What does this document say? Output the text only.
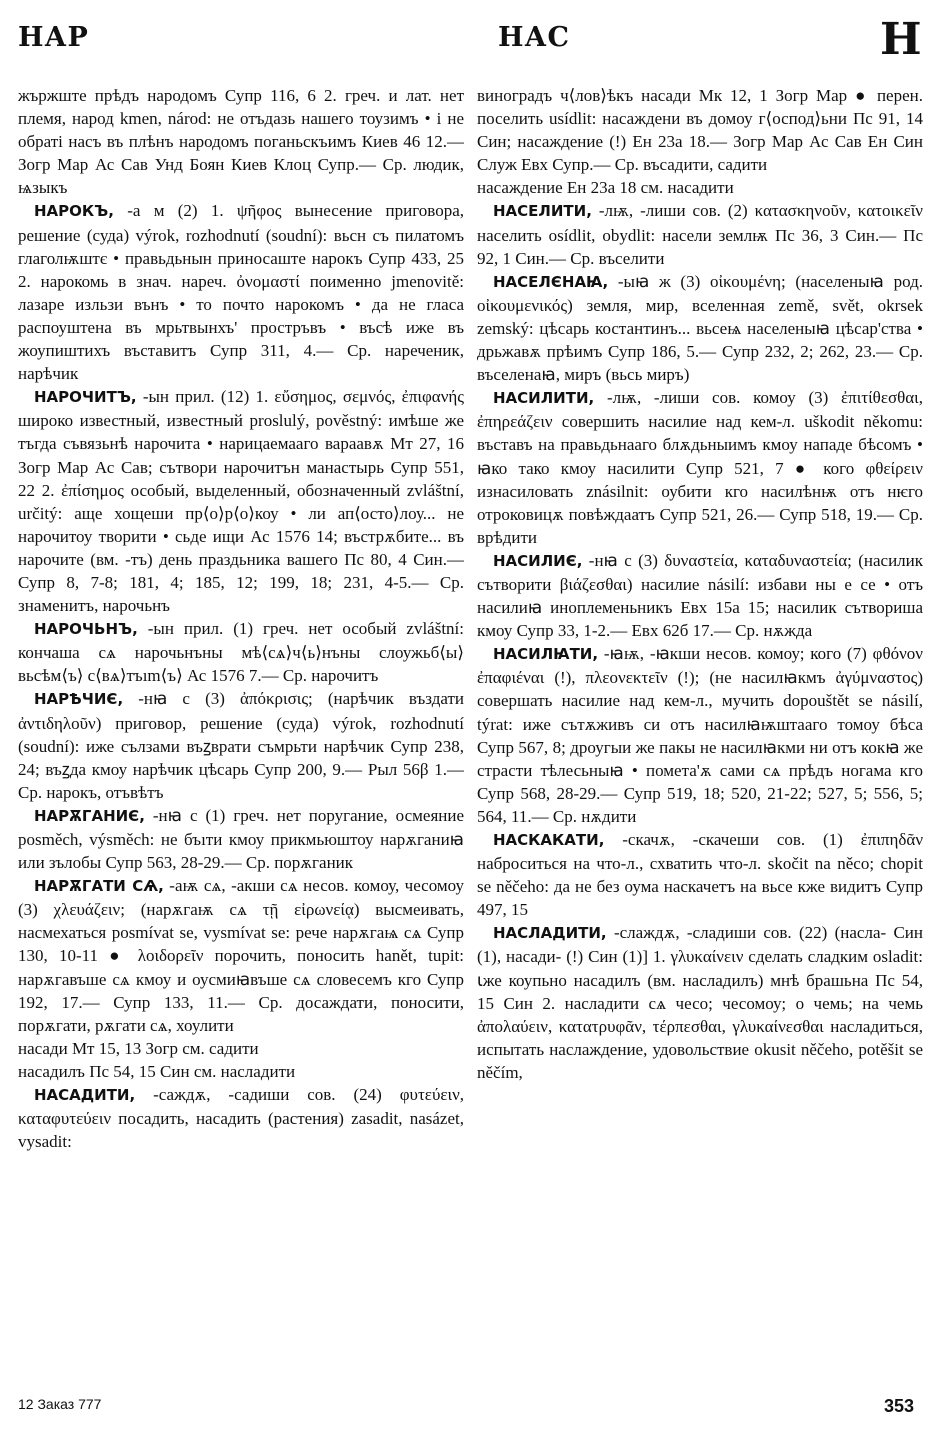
НАР	НАС	Н

жържште прѣдъ народомъ Супр 116, 6 2. греч. и лат. нет племя, народ kmen, národ: не отъдазь нашего тоузимъ • і не обраті насъ въ плѣнъ народомъ поганьскъимъ Киев 46 12.— Зогр Мар Ас Сав Унд Боян Киев Клоц Супр.— Ср. людик, ѩзыкъ

НАРОКЪ, -а м (2) 1. ψῆφος вынесение приговора, решение (суда) výrok, rozhodnutí (soudní): вьсн съ пилатомъ глаголѭштє • правьдьнын приносаште нарокъ Супр 433, 25 2. нарокомь в знач. нареч. ὀνομαστί поименно jmenovitě: лазаре изльзи вънъ • то почто нарокомъ • да не гласа распоуштена въ мрьтвынхъ' простръвъ • въсѣ иже въ жоупиштихъ въставитъ Супр 311, 4.— Ср. нареченик, нарѣчик

НАРОЧИТЪ, -ын прил. (12) 1. εὔσημος, σεμνός, ἐπιφανής широко известный, известный proslulý, pověstný: имѣше же тъгда съвязьнѣ нарочита • нарицаемааго вараавѫ Мт 27, 16 Зогр Мар Ас Сав; сътвори нарочитън манастырь Супр 551, 22 2. ἐπίσημος особый, выделенный, обозначенный zvláštní, určitý: аще хощеши пр⟨о⟩р⟨о⟩коу • ли ап⟨осто⟩лоу... не нарочитоу творити • сьде ищи Ас 1576 14; въстрѫбите... въ нарочите (вм. -тъ) день праздьника вашего Пс 80, 4 Син.— Супр 8, 7-8; 181, 4; 185, 12; 199, 18; 231, 4-5.— Ср. знаменитъ, нарочьнъ

НАРОЧЬНЪ, -ын прил. (1) греч. нет особый zvláštní: кончаша сѧ нарочьнъны мѣ⟨сѧ⟩ч⟨ь⟩нъны слоужьб⟨ы⟩ вьсѣм⟨ъ⟩ с⟨вѧ⟩тъım⟨ъ⟩ Ас 1576 7.— Ср. нарочитъ

НАРѢЧИЄ, -нꙗ с (3) ἀπόκρισις; (нарѣчик въздати ἀντιδηλοῦν) приговор, решение (суда) výrok, rozhodnutí (soudní): иже сълзами въꙁврати съмрьти нарѣчик Супр 238, 24; въꙁда кмоу нарѣчик цѣсарь Супр 200, 9.— Рыл 56β 1.— Ср. нарокъ, отъвѣтъ

НАРѪГАНИЄ, -нꙗ с (1) греч. нет поругание, осмеяние posměch, výsměch: не бъıти кмоу прикмьюштоу нарѫганиꙗ или зълобы Супр 563, 28-29.— Ср. порѫганик

НАРѪГАТИ СѦ, -аѭ сѧ, -акши сѧ несов. комоу, чесомоу (3) χλευάζειν; (нарѫгаѭ сѧ τῇ εἰρωνείᾳ) высмеивать, насмехаться posmívat se, vysmívat se: рече нарѫгаѩ сѧ Супр 130, 10-11 ● λοιδορεῖν порочить, поносить hanět, tupit: нарѫгавъше сѧ кмоу и оусмиꙗвъше сѧ словесемъ кго Супр 192, 17.— Супр 133, 11.— Ср. досаждати, поносити, порѫгати, рѫгати сѧ, хоулити

насади Мт 15, 13 Зогр см. садити

насадилъ Пс 54, 15 Син см. насладити

НАСАДИТИ, -саждѫ, -садиши сов. (24) φυτεύειν, καταφυτεύειν посадить, насадить (растения) zasadit, nasázet, vysadit:

виноградъ ч⟨лов⟩ѣкъ насади Мк 12, 1 Зогр Мар ● перен. поселить usídlit: насаждени въ домоу г⟨оспод⟩ьни Пс 91, 14 Син; насаждение (!) Ен 23а 18.— Зогр Мар Ас Сав Ен Син Служ Евх Супр.— Ср. въсадити, садити

насаждение Ен 23а 18 см. насадити

НАСЕЛИТИ, -лѭ, -лиши сов. (2) κατασκηνοῦν, κατοικεῖν населить osídlit, obydlit: насели землѭ Пс 36, 3 Син.— Пс 92, 1 Син.— Ср. въселити

НАСЕЛЄНАꙖ, -ыꙗ ж (3) οἰκουμένη; (населеныꙗ род. οἰκουμενικός) земля, мир, вселенная země, svět, okrsek zemský: цѣсарь костантинъ... вьсеѩ населеныꙗ цѣсар'ства • дрьжавѫ прѣимъ Супр 186, 5.— Супр 232, 2; 262, 23.— Ср. въселенаꙗ, миръ (вьсь миръ)

НАСИЛИТИ, -лѭ, -лиши сов. комоу (3) ἐπιτίθεσθαι, ἐπηρεάζειν совершить насилие над кем-л. uškodit někomu: въставъ на правьдьнааго блѫдьныимъ кмоу нападе бѣсомъ • ꙗко тако кмоу насилити Супр 521, 7 ● кого φθείρειν изнасиловать znásilnit: оубити кго насилѣнѭ отъ нѥго отроковицѫ повѣждаатъ Супр 521, 26.— Супр 518, 19.— Ср. врѣдити

НАСИЛИЄ, -нꙗ с (3) δυναστεία, καταδυναστεία; (насилик сътворити βιάζεσθαι) насилие násilí: избави ны е се • отъ насилиꙗ иноплеменьникъ Евх 15а 15; насилик сътвориша кмоу Супр 33, 1-2.— Евх 62б 17.— Ср. нѫжда

НАСИЛꙖТИ, -ꙗѭ, -ꙗкши несов. комоу; кого (7) φθόνον ἐπαφιέναι (!), πλεονεκτεῖν (!); (не насилꙗкмъ ἀγύμναστος) совершать насилие над кем-л., мучить dopouštět se násilí, týrat: иже сътѫживъ си отъ насилꙗѭштааго томоу бѣса Супр 567, 8; дроугыи же пакы не насилꙗкми ни отъ кокꙗ же страсти тѣлесьныꙗ • помета'ѫ сами сѧ прѣдъ ногама кго Супр 568, 28-29.— Супр 519, 18; 520, 21-22; 527, 5; 556, 5; 564, 11.— Ср. нѫдити

НАСКАКАТИ, -скачѫ, -скачеши сов. (1) ἐπιπηδᾶν наброситься на что-л., схватить что-л. skočit na něco; chopit se něčeho: да не без оума наскачетъ на вьсе кже видитъ Супр 497, 15

НАСЛАДИТИ, -слаждѫ, -сладиши сов. (22) (насла- Син (1), насади- (!) Син (1)] 1. γλυκαίνειν сделать сладким osladit: ꙇже коупьно насадилъ (вм. насладилъ) мнѣ брашьна Пс 54, 15 Син 2. насладити сѧ чесо; чесомоу; о чемь; на чемь ἀπολαύειν, κατατρυφᾶν, τέρπεσθαι, γλυκαίνεσθαι насладиться, испытать наслаждение, удовольствие okusit něčeho, potěšit se něčím,

12 Заказ 777	353
